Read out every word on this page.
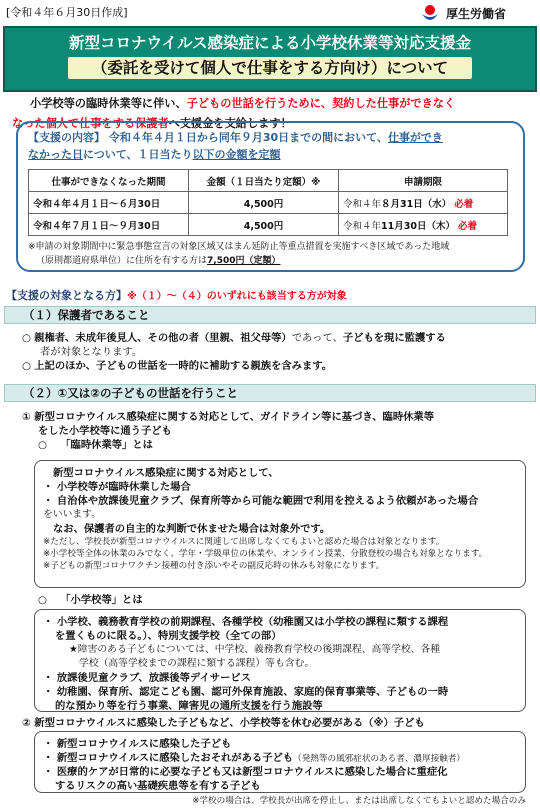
[令和４年６月30日作成]	厚生労働省
新型コロナウイルス感染症による小学校休業等対応支援金
（委託を受けて個人で仕事をする方向け）について
小学校等の臨時休業等に伴い、子どもの世話を行うために、契約した仕事ができなく
なった個人で仕事をする保護者へ支援金を支給します！
【支援の内容】 令和４年４月１日から同年９月30日までの間において、仕事ができ
なかった日について、１日当たり以下の金額を定額
仕事ができなくなった期間	金額（１日当たり定額）※	申請期限
令和４年４月１日～６月30日	4,500円	令和４年８月31日（水） 必着
令和４年７月１日～９月30日	4,500円	令和４年11月30日（木） 必着
※申請の対象期間中に緊急事態宣言の対象区域又はまん延防止等重点措置を実施すべき区域であった地域
（原則都道府県単位）に住所を有する方は7,500円（定額）
【支援の対象となる方】※（１）～（４）のいずれにも該当する方が対象
（１）保護者であること
○ 親権者、未成年後見人、その他の者（里親、祖父母等）であって、子どもを現に監護する
者が対象となります。
○ 上記のほか、子どもの世話を一時的に補助する親族を含みます。
（２）①又は②の子どもの世話を行うこと
① 新型コロナウイルス感染症に関する対応として、ガイドライン等に基づき、臨時休業等
をした小学校等に通う子ども
○ 「臨時休業等」とは
新型コロナウイルス感染症に関する対応として、
・ 小学校等が臨時休業した場合
・ 自治体や放課後児童クラブ、保育所等から可能な範囲で利用を控えるよう依頼があった場合
をいいます。
なお、保護者の自主的な判断で休ませた場合は対象外です。
※ただし、学校長が新型コロナウイルスに関連して出席しなくてもよいと認めた場合は対象となります。
※小学校等全体の休業のみでなく、学年・学級単位の休業や、オンライン授業、分散登校の場合も対象となります。
※子どもの新型コロナワクチン接種の付き添いやその副反応時の休みも対象になります。
○ 「小学校等」とは
・ 小学校、義務教育学校の前期課程、各種学校（幼稚園又は小学校の課程に類する課程
を置くものに限る。）、特別支援学校（全ての部）
★障害のある子どもについては、中学校、義務教育学校の後期課程、高等学校、各種
学校（高等学校までの課程に類する課程）等も含む。
・ 放課後児童クラブ、放課後等デイサービス
・ 幼稚園、保育所、認定こども園、認可外保育施設、家庭的保育事業等、子どもの一時
的な預かり等を行う事業、障害児の通所支援を行う施設等
② 新型コロナウイルスに感染した子どもなど、小学校等を休む必要がある（※）子ども
・ 新型コロナウイルスに感染した子ども
・ 新型コロナウイルスに感染したおそれがある子ども（発熱等の風邪症状のある者、濃厚接触者）
・ 医療的ケアが日常的に必要な子ども又は新型コロナウイルスに感染した場合に重症化
するリスクの高い基礎疾患等を有する子ども
※学校の場合は、学校長が出席を停止し、または出席しなくてもよいと認めた場合のみ
